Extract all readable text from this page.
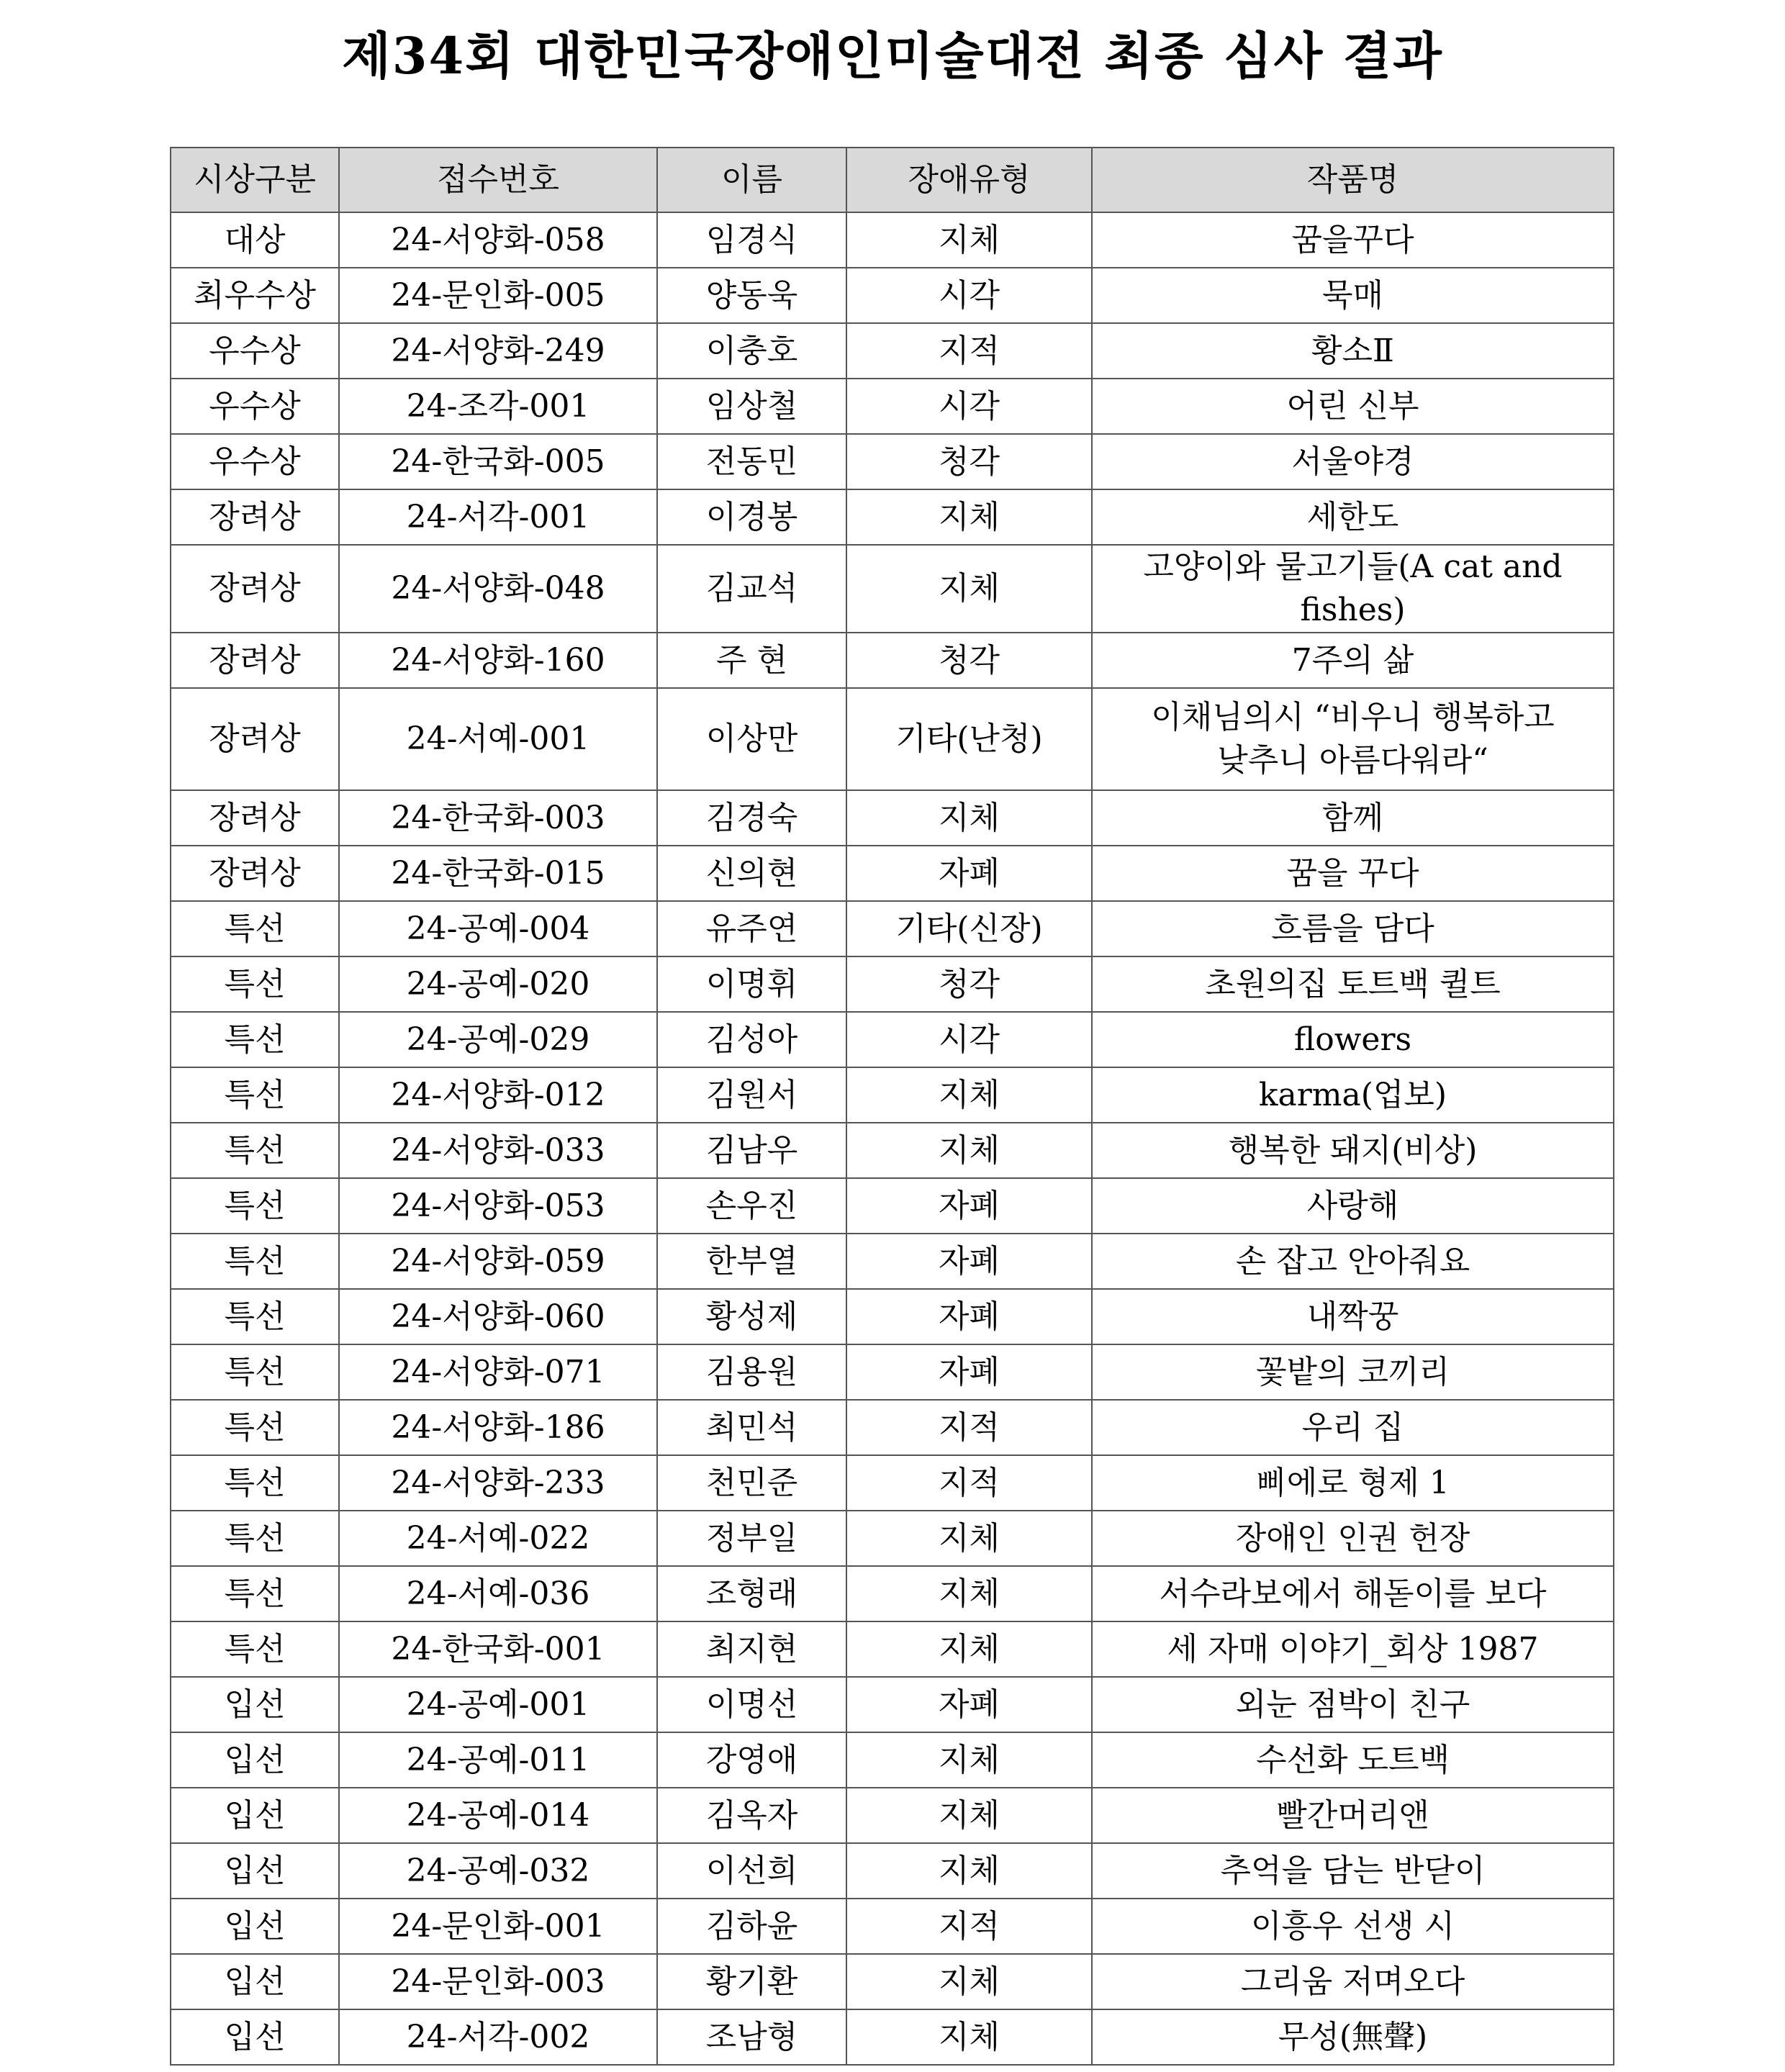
제34회 대한민국장애인미술대전 최종 심사 결과
시상구분	접수번호	이름	장애유형	작품명
대상	24-서양화-058	임경식	지체	꿈을꾸다
최우수상	24-문인화-005	양동욱	시각	묵매
우수상	24-서양화-249	이충호	지적	황소Ⅱ
우수상	24-조각-001	임상철	시각	어린 신부
우수상	24-한국화-005	전동민	청각	서울야경
장려상	24-서각-001	이경봉	지체	세한도
장려상	24-서양화-048	김교석	지체	고양이와 물고기들(A cat and fishes)
장려상	24-서양화-160	주 현	청각	7주의 삶
장려상	24-서예-001	이상만	기타(난청)	이채님의시 “비우니 행복하고
낮추니 아름다워라“

장려상	24-한국화-003	김경숙	지체	함께
장려상	24-한국화-015	신의현	자폐	꿈을 꾸다
특선	24-공예-004	유주연	기타(신장)	흐름을 담다
특선	24-공예-020	이명휘	청각	초원의집 토트백 퀼트
특선	24-공예-029	김성아	시각	flowers
특선	24-서양화-012	김원서	지체	karma(업보)
특선	24-서양화-033	김남우	지체	행복한 돼지(비상)
특선	24-서양화-053	손우진	자폐	사랑해
특선	24-서양화-059	한부열	자폐	손 잡고 안아줘요
특선	24-서양화-060	황성제	자폐	내짝꿍
특선	24-서양화-071	김용원	자폐	꽃밭의 코끼리
특선	24-서양화-186	최민석	지적	우리 집
특선	24-서양화-233	천민준	지적	삐에로 형제 1
특선	24-서예-022	정부일	지체	장애인 인권 헌장
특선	24-서예-036	조형래	지체	서수라보에서 해돋이를 보다
특선	24-한국화-001	최지현	지체	세 자매 이야기_회상 1987
입선	24-공예-001	이명선	자폐	외눈 점박이 친구
입선	24-공예-011	강영애	지체	수선화 도트백
입선	24-공예-014	김옥자	지체	빨간머리앤
입선	24-공예-032	이선희	지체	추억을 담는 반닫이
입선	24-문인화-001	김하윤	지적	이흥우 선생 시
입선	24-문인화-003	황기환	지체	그리움 저며오다
입선	24-서각-002	조남형	지체	무성(無聲)
